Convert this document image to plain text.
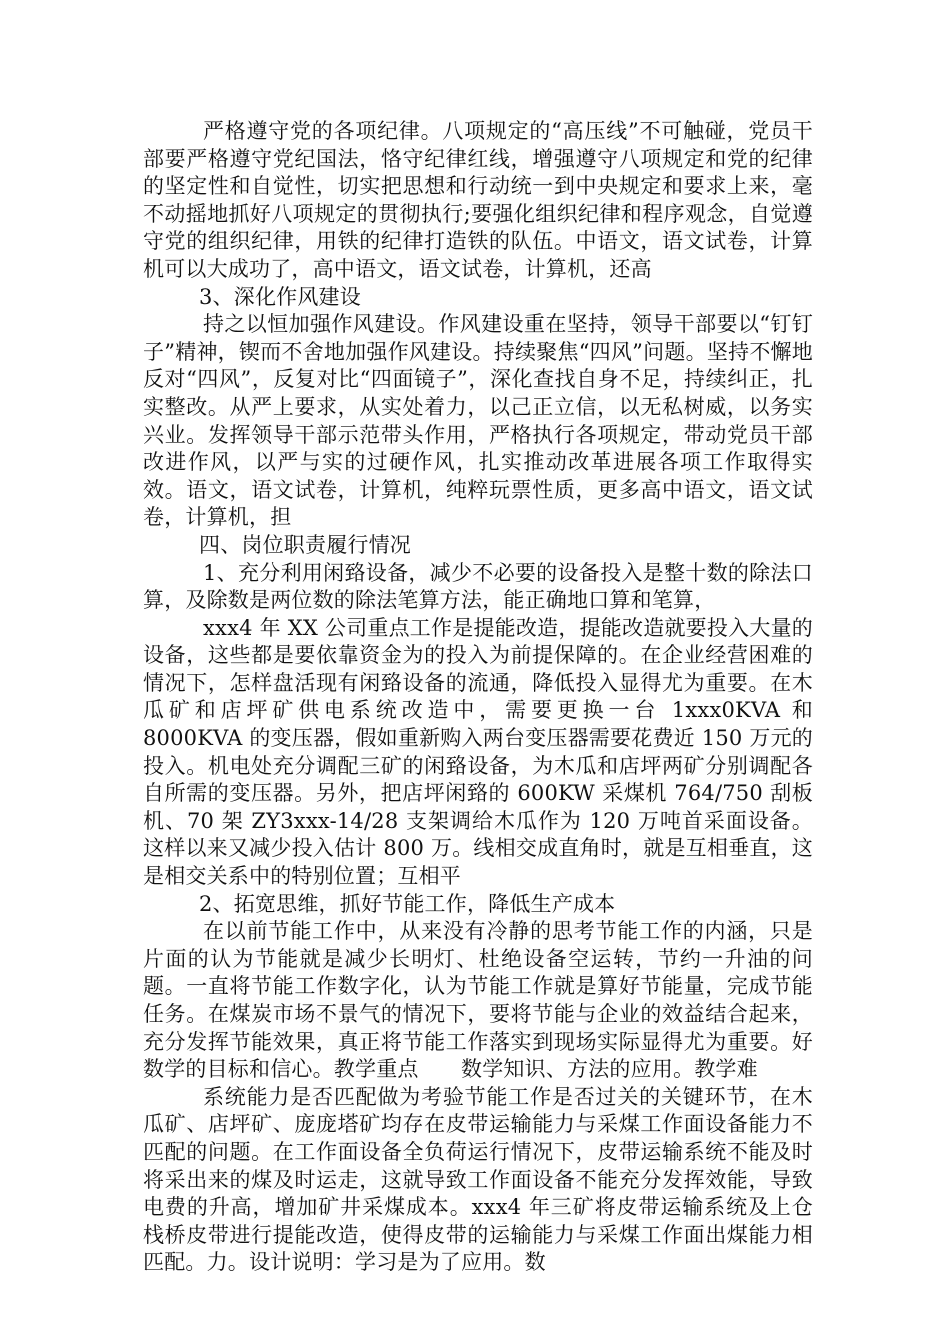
严格遵守党的各项纪律。八项规定的“高压线”不可触碰，党员干部要严格遵守党纪国法，恪守纪律红线，增强遵守八项规定和党的纪律的坚定性和自觉性，切实把思想和行动统一到中央规定和要求上来，毫不动摇地抓好八项规定的贯彻执行;要强化组织纪律和程序观念，自觉遵守党的组织纪律，用铁的纪律打造铁的队伍。中语文，语文试卷，计算机可以大成功了，高中语文，语文试卷，计算机，还高

3、深化作风建设

持之以恒加强作风建设。作风建设重在坚持，领导干部要以“钉钉子”精神，锲而不舍地加强作风建设。持续聚焦“四风”问题。坚持不懈地反对“四风”，反复对比“四面镜子”，深化查找自身不足，持续纠正，扎实整改。从严上要求，从实处着力，以己正立信，以无私树威，以务实兴业。发挥领导干部示范带头作用，严格执行各项规定，带动党员干部改进作风，以严与实的过硬作风，扎实推动改革进展各项工作取得实效。语文，语文试卷，计算机，纯粹玩票性质，更多高中语文，语文试卷，计算机，担

四、岗位职责履行情况

1、充分利用闲臵设备，减少不必要的设备投入是整十数的除法口算，及除数是两位数的除法笔算方法，能正确地口算和笔算，

xxx4 年 XX 公司重点工作是提能改造，提能改造就要投入大量的设备，这些都是要依靠资金为的投入为前提保障的。在企业经营困难的情况下，怎样盘活现有闲臵设备的流通，降低投入显得尤为重要。在木瓜矿和店坪矿供电系统改造中，需要更换一台 1xxx0KVA 和 8000KVA 的变压器，假如重新购入两台变压器需要花费近 150 万元的投入。机电处充分调配三矿的闲臵设备，为木瓜和店坪两矿分别调配各自所需的变压器。另外，把店坪闲臵的 600KW 采煤机 764/750 刮板机、70 架 ZY3xxx-14/28 支架调给木瓜作为 120 万吨首采面设备。这样以来又减少投入估计 800 万。线相交成直角时，就是互相垂直，这是相交关系中的特别位置；互相平

2、拓宽思维，抓好节能工作，降低生产成本

在以前节能工作中，从来没有冷静的思考节能工作的内涵，只是片面的认为节能就是减少长明灯、杜绝设备空运转，节约一升油的问题。一直将节能工作数字化，认为节能工作就是算好节能量，完成节能任务。在煤炭市场不景气的情况下，要将节能与企业的效益结合起来，充分发挥节能效果，真正将节能工作落实到现场实际显得尤为重要。好数学的目标和信心。教学重点　　数学知识、方法的应用。教学难

系统能力是否匹配做为考验节能工作是否过关的关键环节，在木瓜矿、店坪矿、庞庞塔矿均存在皮带运输能力与采煤工作面设备能力不匹配的问题。在工作面设备全负荷运行情况下，皮带运输系统不能及时将采出来的煤及时运走，这就导致工作面设备不能充分发挥效能，导致电费的升高，增加矿井采煤成本。xxx4 年三矿将皮带运输系统及上仓栈桥皮带进行提能改造，使得皮带的运输能力与采煤工作面出煤能力相匹配。力。设计说明：学习是为了应用。数
